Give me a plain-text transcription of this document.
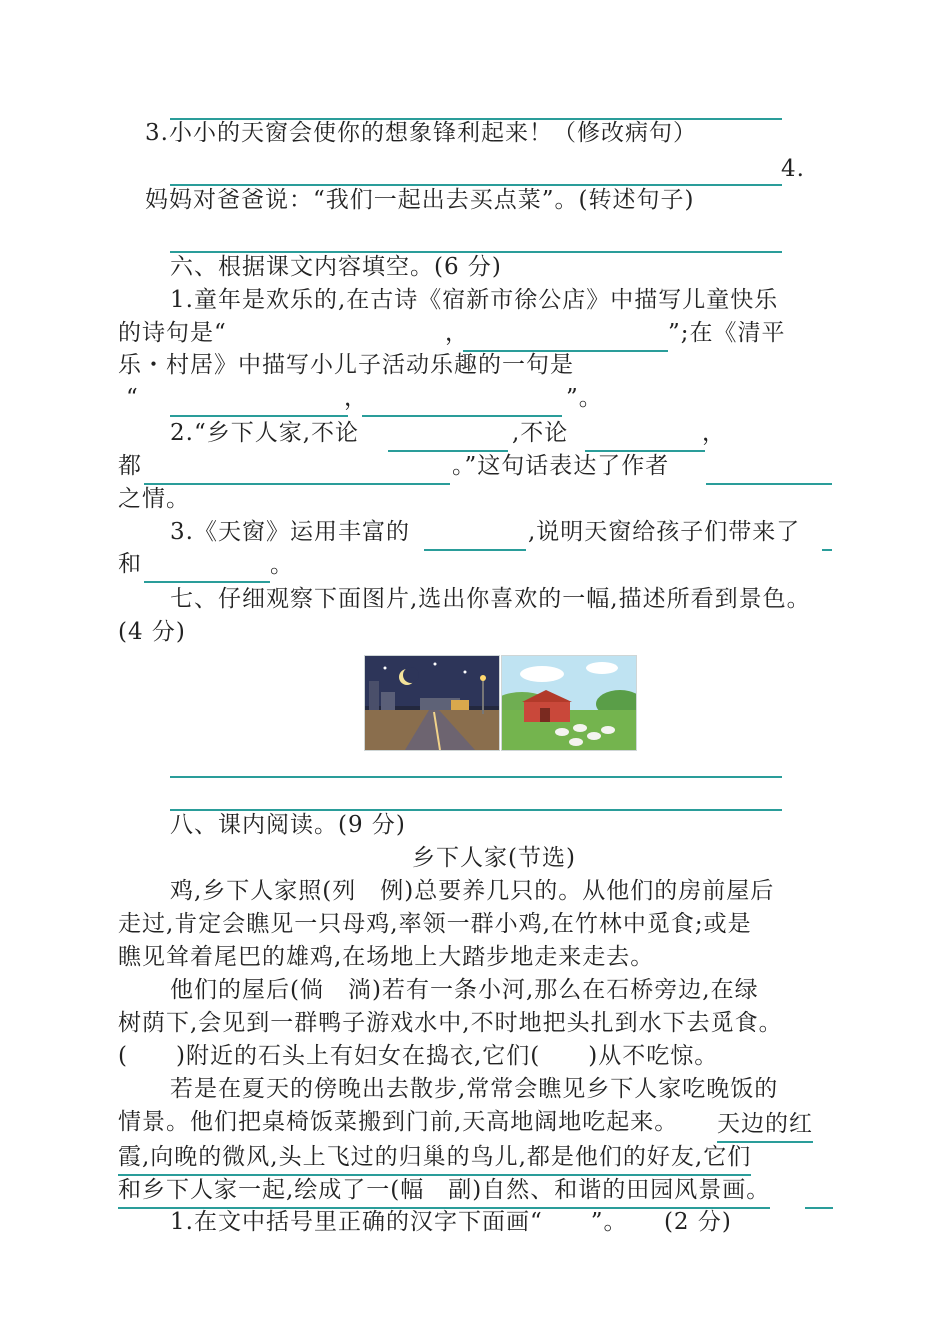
3.小小的天窗会使你的想象锋利起来！（修改病句）
4.
妈妈对爸爸说：“我们一起出去买点菜”。(转述句子)
六、根据课文内容填空。(6 分)
1.童年是欢乐的,在古诗《宿新市徐公店》中描写儿童快乐
的诗句是“	，	”;在《清平
乐・村居》中描写小儿子活动乐趣的一句是
“	，	”。
2.“乡下人家,不论	,不论	，
都	。”这句话表达了作者
之情。
3.《天窗》运用丰富的	,说明天窗给孩子们带来了
和	。
七、仔细观察下面图片,选出你喜欢的一幅,描述所看到景色。
(4 分)
八、课内阅读。(9 分)
乡下人家(节选)
鸡,乡下人家照(列　例)总要养几只的。从他们的房前屋后
走过,肯定会瞧见一只母鸡,率领一群小鸡,在竹林中觅食;或是
瞧见耸着尾巴的雄鸡,在场地上大踏步地走来走去。
他们的屋后(倘　淌)若有一条小河,那么在石桥旁边,在绿
树荫下,会见到一群鸭子游戏水中,不时地把头扎到水下去觅食。
(　　)附近的石头上有妇女在捣衣,它们(　　)从不吃惊。
若是在夏天的傍晚出去散步,常常会瞧见乡下人家吃晚饭的
情景。他们把桌椅饭菜搬到门前,天高地阔地吃起来。 天边的红
霞,向晚的微风,头上飞过的归巢的鸟儿,都是他们的好友,它们
和乡下人家一起,绘成了一(幅　副)自然、和谐的田园风景画。
1.在文中括号里正确的汉字下面画“　　”。　　(2 分)
